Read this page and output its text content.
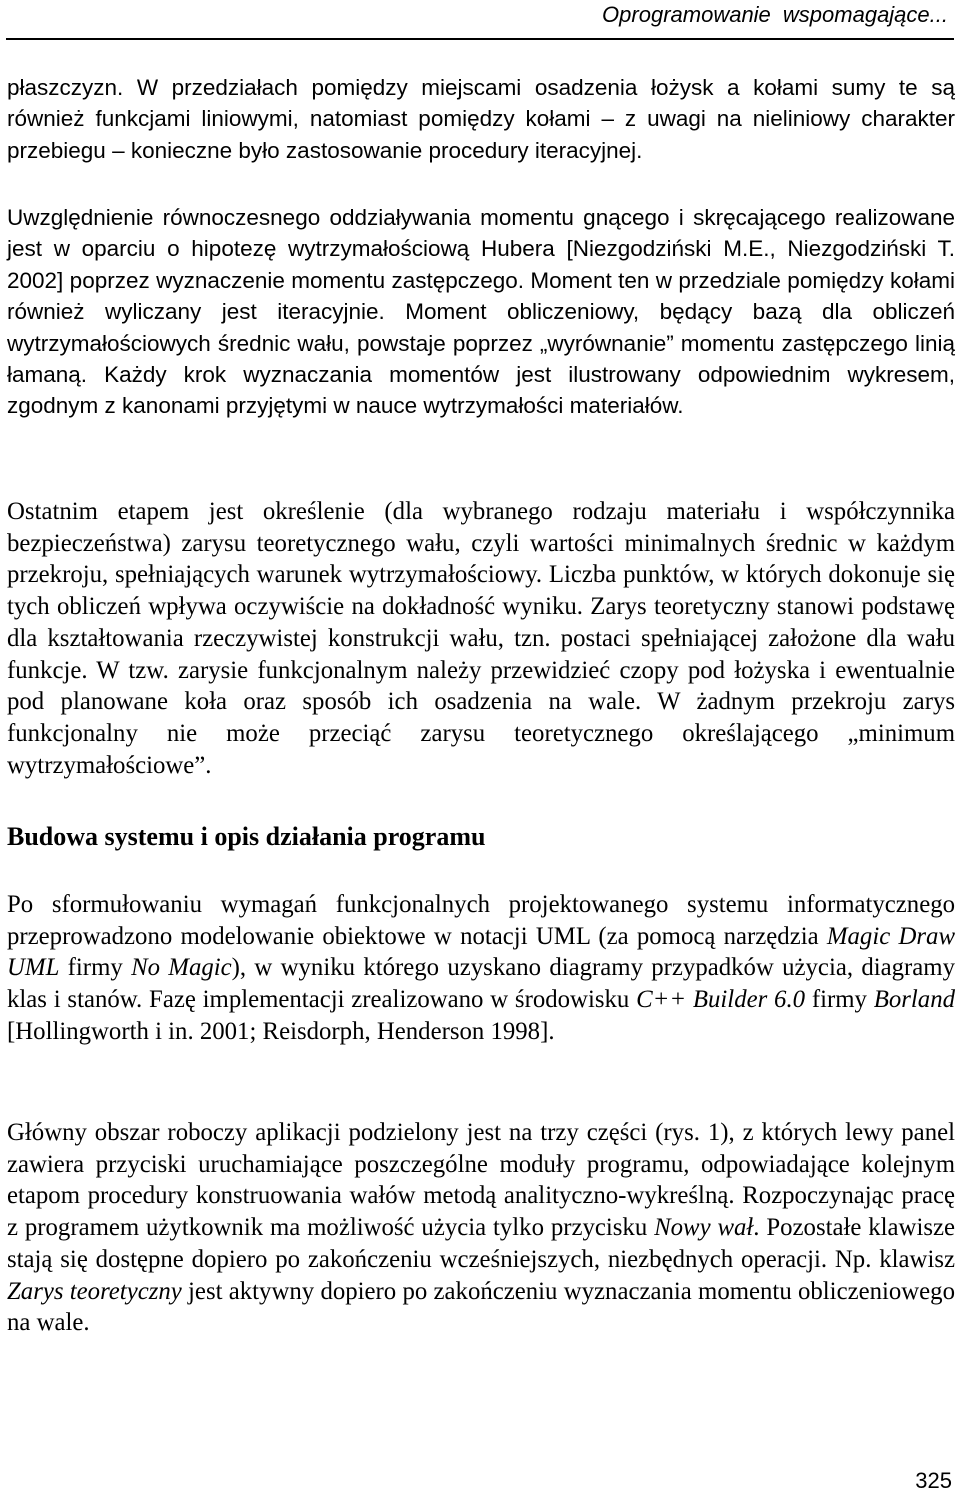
Oprogramowanie wspomagające...

płaszczyzn. W przedziałach pomiędzy miejscami osadzenia łożysk a kołami sumy te są również funkcjami liniowymi, natomiast pomiędzy kołami – z uwagi na nieliniowy charakter przebiegu – konieczne było zastosowanie procedury iteracyjnej.

Uwzględnienie równoczesnego oddziaływania momentu gnącego i skręcającego realizowane jest w oparciu o hipotezę wytrzymałościową Hubera [Niezgodziński M.E., Niezgodziński T. 2002] poprzez wyznaczenie momentu zastępczego. Moment ten w przedziale pomiędzy kołami również wyliczany jest iteracyjnie. Moment obliczeniowy, będący bazą dla obliczeń wytrzymałościowych średnic wału, powstaje poprzez „wyrównanie” momentu zastępczego linią łamaną. Każdy krok wyznaczania momentów jest ilustrowany odpowiednim wykresem, zgodnym z kanonami przyjętymi w nauce wytrzymałości materiałów.

Ostatnim etapem jest określenie (dla wybranego rodzaju materiału i współczynnika bezpieczeństwa) zarysu teoretycznego wału, czyli wartości minimalnych średnic w każdym przekroju, spełniających warunek wytrzymałościowy. Liczba punktów, w których dokonuje się tych obliczeń wpływa oczywiście na dokładność wyniku. Zarys teoretyczny stanowi podstawę dla kształtowania rzeczywistej konstrukcji wału, tzn. postaci spełniającej założone dla wału funkcje. W tzw. zarysie funkcjonalnym należy przewidzieć czopy pod łożyska i ewentualnie pod planowane koła oraz sposób ich osadzenia na wale. W żadnym przekroju zarys funkcjonalny nie może przeciąć zarysu teoretycznego określającego „minimum wytrzymałościowe”.

Budowa systemu i opis działania programu

Po sformułowaniu wymagań funkcjonalnych projektowanego systemu informatycznego przeprowadzono modelowanie obiektowe w notacji UML (za pomocą narzędzia Magic Draw UML firmy No Magic), w wyniku którego uzyskano diagramy przypadków użycia, diagramy klas i stanów. Fazę implementacji zrealizowano w środowisku C++ Builder 6.0 firmy Borland [Hollingworth i in. 2001; Reisdorph, Henderson 1998].

Główny obszar roboczy aplikacji podzielony jest na trzy części (rys. 1), z których lewy panel zawiera przyciski uruchamiające poszczególne moduły programu, odpowiadające kolejnym etapom procedury konstruowania wałów metodą analityczno-wykreślną. Rozpoczynając pracę z programem użytkownik ma możliwość użycia tylko przycisku Nowy wał. Pozostałe klawisze stają się dostępne dopiero po zakończeniu wcześniejszych, niezbędnych operacji. Np. klawisz Zarys teoretyczny jest aktywny dopiero po zakończeniu wyznaczania momentu obliczeniowego na wale.

325
